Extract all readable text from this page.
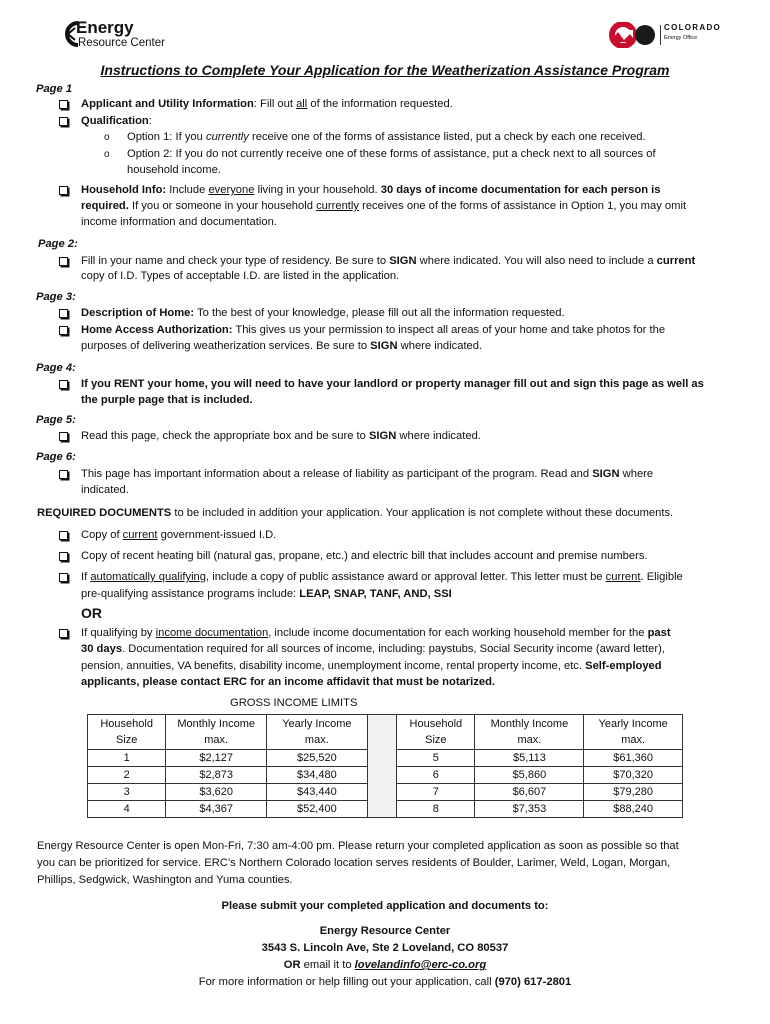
Energy
Resource Center
COLORADO
Energy Office
Instructions to Complete Your Application for the Weatherization Assistance Program
Page 1
Applicant and Utility Information: Fill out all of the information requested.
Qualification:
o Option 1: If you currently receive one of the forms of assistance listed, put a check by each one received.
o Option 2: If you do not currently receive one of these forms of assistance, put a check next to all sources of
household income.
Household Info: Include everyone living in your household. 30 days of income documentation for each person is
required. If you or someone in your household currently receives one of the forms of assistance in Option 1, you may omit
income information and documentation.
Page 2:
Fill in your name and check your type of residency. Be sure to SIGN where indicated. You will also need to include a current
copy of I.D. Types of acceptable I.D. are listed in the application.
Page 3:
Description of Home: To the best of your knowledge, please fill out all the information requested.
Home Access Authorization: This gives us your permission to inspect all areas of your home and take photos for the
purposes of delivering weatherization services. Be sure to SIGN where indicated.
Page 4:
If you RENT your home, you will need to have your landlord or property manager fill out and sign this page as well as
the purple page that is included.
Page 5:
Read this page, check the appropriate box and be sure to SIGN where indicated.
Page 6:
This page has important information about a release of liability as participant of the program. Read and SIGN where
indicated.
REQUIRED DOCUMENTS to be included in addition your application. Your application is not complete without these documents.
Copy of current government-issued I.D.
Copy of recent heating bill (natural gas, propane, etc.) and electric bill that includes account and premise numbers.
If automatically qualifying, include a copy of public assistance award or approval letter. This letter must be current. Eligible
pre-qualifying assistance programs include: LEAP, SNAP, TANF, AND, SSI
OR
If qualifying by income documentation, include income documentation for each working household member for the past
30 days. Documentation required for all sources of income, including: paystubs, Social Security income (award letter),
pension, annuities, VA benefits, disability income, unemployment income, rental property income, etc. Self-employed
applicants, please contact ERC for an income affidavit that must be notarized.
GROSS INCOME LIMITS
Household
Size	Monthly Income
max.	Yearly Income
max.		Household
Size	Monthly Income
max.	Yearly Income
max.
1	$2,127	$25,520		5	$5,113	$61,360
2	$2,873	$34,480		6	$5,860	$70,320
3	$3,620	$43,440		7	$6,607	$79,280
4	$4,367	$52,400		8	$7,353	$88,240
Energy Resource Center is open Mon-Fri, 7:30 am-4:00 pm. Please return your completed application as soon as possible so that
you can be prioritized for service. ERC’s Northern Colorado location serves residents of Boulder, Larimer, Weld, Logan, Morgan,
Phillips, Sedgwick, Washington and Yuma counties.
Please submit your completed application and documents to:
Energy Resource Center
3543 S. Lincoln Ave, Ste 2 Loveland, CO 80537
OR email it to lovelandinfo@erc-co.org
For more information or help filling out your application, call (970) 617-2801
